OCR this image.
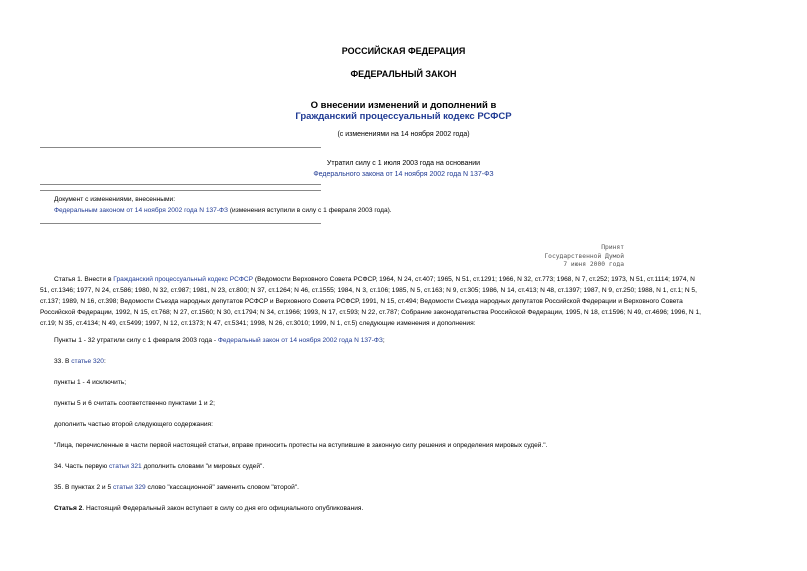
РОССИЙСКАЯ ФЕДЕРАЦИЯ
ФЕДЕРАЛЬНЫЙ ЗАКОН
О внесении изменений и дополнений в
Гражданский процессуальный кодекс РСФСР
(с изменениями на 14 ноября 2002 года)
Утратил силу с 1 июля 2003 года на основании
Федерального закона от 14 ноября 2002 года N 137-ФЗ
Документ с изменениями, внесенными:
Федеральным законом от 14 ноября 2002 года N 137-ФЗ (изменения вступили в силу с 1 февраля 2003 года).
Принят
Государственной Думой
7 июня 2000 года
Статья 1. Внести в Гражданский процессуальный кодекс РСФСР (Ведомости Верховного Совета РСФСР, 1964, N 24, ст.407; 1965, N 51, ст.1291; 1966, N 32, ст.773; 1968, N 7, ст.252; 1973, N 51, ст.1114; 1974, N
51, ст.1346; 1977, N 24, ст.586; 1980, N 32, ст.987; 1981, N 23, ст.800; N 37, ст.1264; N 46, ст.1555; 1984, N 3, ст.106; 1985, N 5, ст.163; N 9, ст.305; 1986, N 14, ст.413; N 48, ст.1397; 1987, N 9, ст.250; 1988, N 1, ст.1; N 5,
ст.137; 1989, N 16, ст.398; Ведомости Съезда народных депутатов РСФСР и Верховного Совета РСФСР, 1991, N 15, ст.494; Ведомости Съезда народных депутатов Российской Федерации и Верховного Совета
Российской Федерации, 1992, N 15, ст.768; N 27, ст.1560; N 30, ст.1794; N 34, ст.1966; 1993, N 17, ст.593; N 22, ст.787; Собрание законодательства Российской Федерации, 1995, N 18, ст.1596; N 49, ст.4696; 1996, N 1,
ст.19; N 35, ст.4134; N 49, ст.5499; 1997, N 12, ст.1373; N 47, ст.5341; 1998, N 26, ст.3010; 1999, N 1, ст.5) следующие изменения и дополнения:
Пункты 1 - 32 утратили силу с 1 февраля 2003 года - Федеральный закон от 14 ноября 2002 года N 137-ФЗ;
33. В статье 320:
пункты 1 - 4 исключить;
пункты 5 и 6 считать соответственно пунктами 1 и 2;
дополнить частью второй следующего содержания:
"Лица, перечисленные в части первой настоящей статьи, вправе приносить протесты на вступившие в законную силу решения и определения мировых судей.".
34. Часть первую статьи 321 дополнить словами "и мировых судей".
35. В пунктах 2 и 5 статьи 329 слово "кассационной" заменить словом "второй".
Статья 2. Настоящий Федеральный закон вступает в силу со дня его официального опубликования.
